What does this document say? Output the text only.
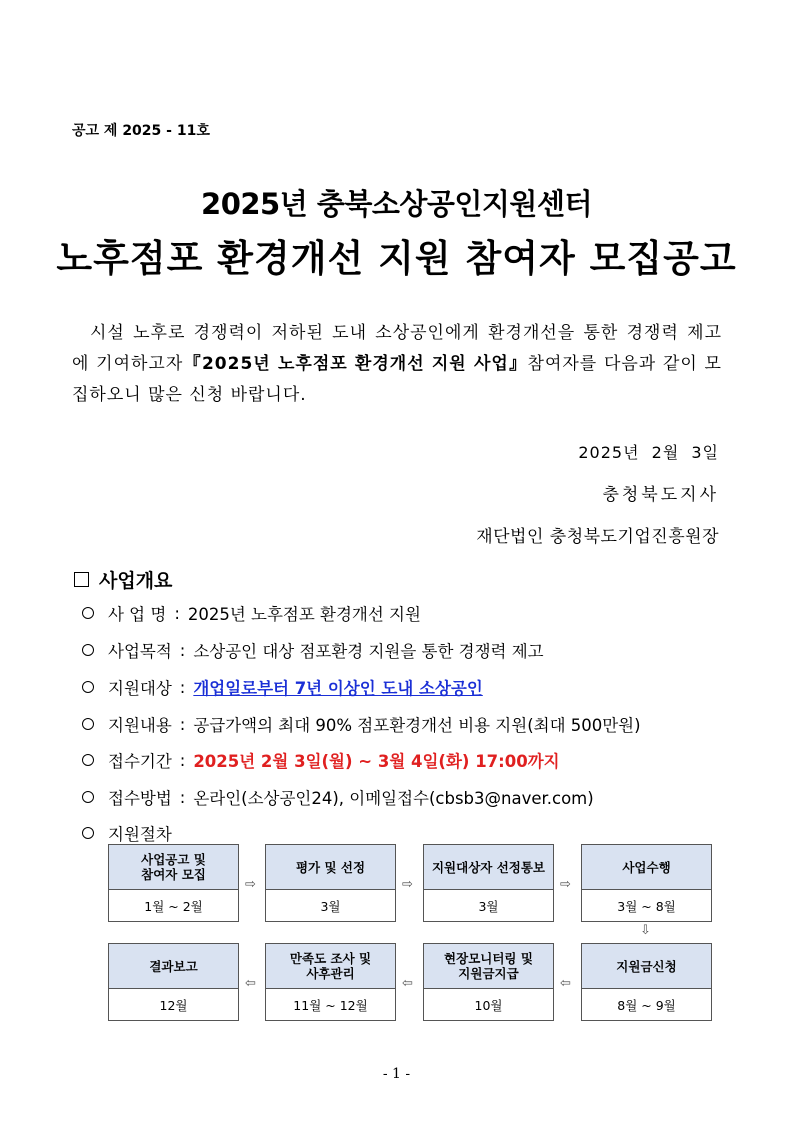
공고 제 2025 - 11호
2025년 충북소상공인지원센터
노후점포 환경개선 지원 참여자 모집공고
시설 노후로 경쟁력이 저하된 도내 소상공인에게 환경개선을 통한 경쟁력 제고에 기여하고자『2025년 노후점포 환경개선 지원 사업』참여자를 다음과 같이 모집하오니 많은 신청 바랍니다.
2025년 2월 3일
충청북도지사
재단법인 충청북도기업진흥원장
사업개요
사 업 명 : 2025년 노후점포 환경개선 지원
사업목적 : 소상공인 대상 점포환경 지원을 통한 경쟁력 제고
지원대상 : 개업일로부터 7년 이상인 도내 소상공인
지원내용 : 공급가액의 최대 90% 점포환경개선 비용 지원(최대 500만원)
접수기간 : 2025년 2월 3일(월) ~ 3월 4일(화) 17:00까지
접수방법 : 온라인(소상공인24), 이메일접수(cbsb3@naver.com)
지원절차
사업공고 및
참여자 모집
1월 ~ 2월
⇨
평가 및 선정
3월
⇨
지원대상자 선정통보
3월
⇨
사업수행
3월 ~ 8월
⇩
결과보고
12월
⇦
만족도 조사 및
사후관리
11월 ~ 12월
⇦
현장모니터링 및
지원금지급
10월
⇦
지원금신청
8월 ~ 9월
- 1 -
